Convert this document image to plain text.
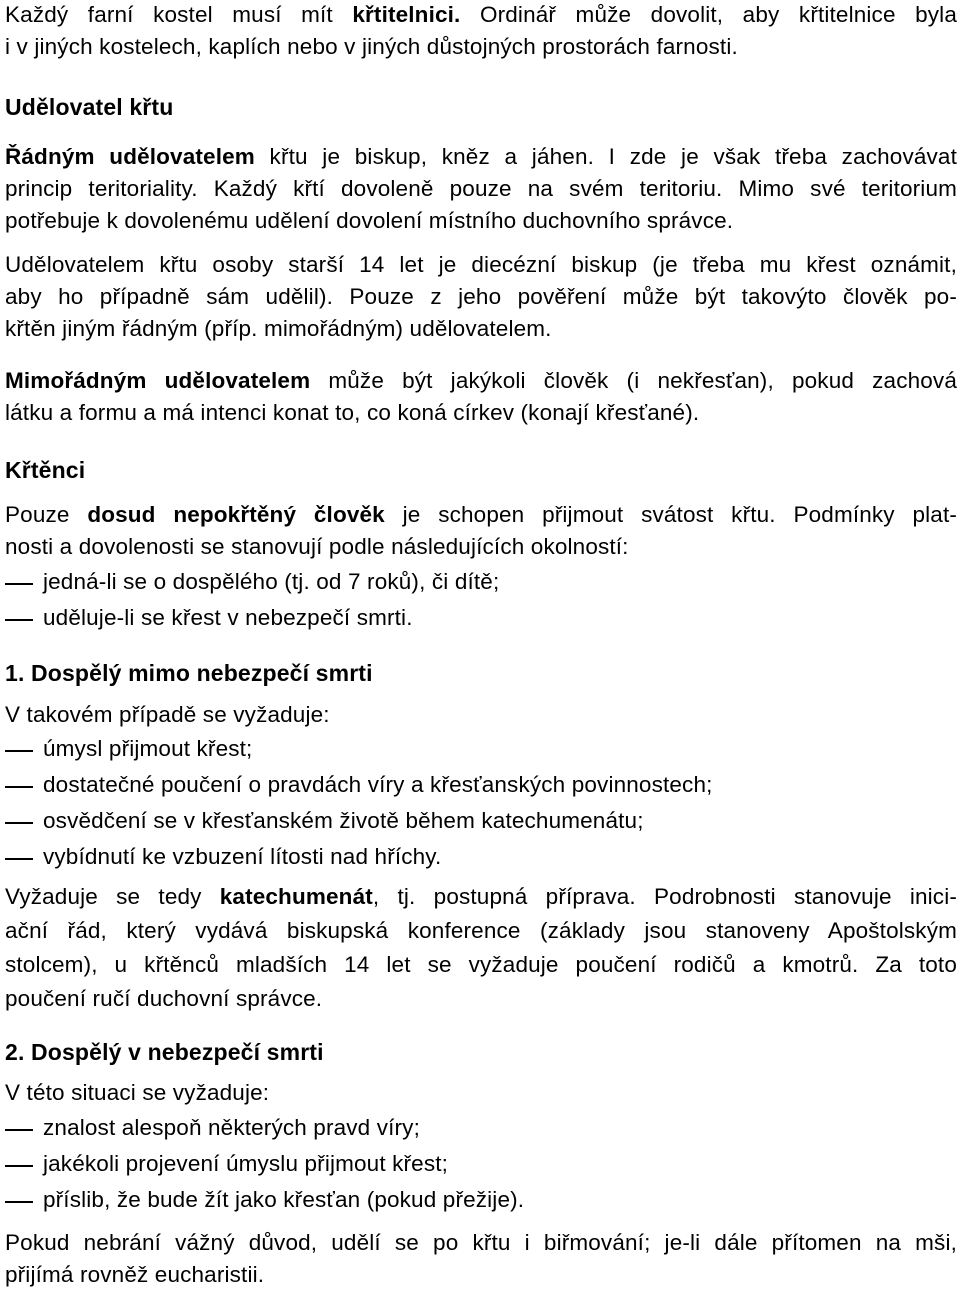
Každý farní kostel musí mít křtitelnici. Ordinář může dovolit, aby křtitelnice byla
i v jiných kostelech, kaplích nebo v jiných důstojných prostorách farnosti.
Udělovatel křtu
Řádným udělovatelem křtu je biskup, kněz a jáhen. I zde je však třeba zachovávat
princip teritoriality. Každý křtí dovoleně pouze na svém teritoriu. Mimo své teritorium
potřebuje k dovolenému udělení dovolení místního duchovního správce.
Udělovatelem křtu osoby starší 14 let je diecézní biskup (je třeba mu křest oznámit,
aby ho případně sám udělil). Pouze z jeho pověření může být takovýto člověk po-
křtěn jiným řádným (příp. mimořádným) udělovatelem.
Mimořádným udělovatelem může být jakýkoli člověk (i nekřesťan), pokud zachová
látku a formu a má intenci konat to, co koná církev (konají křesťané).
Křtěnci
Pouze dosud nepokřtěný člověk je schopen přijmout svátost křtu. Podmínky plat-
nosti a dovolenosti se stanovují podle následujících okolností:
jedná-li se o dospělého (tj. od 7 roků), či dítě;
uděluje-li se křest v nebezpečí smrti.
1. Dospělý mimo nebezpečí smrti
V takovém případě se vyžaduje:
úmysl přijmout křest;
dostatečné poučení o pravdách víry a křesťanských povinnostech;
osvědčení se v křesťanském životě během katechumenátu;
vybídnutí ke vzbuzení lítosti nad hříchy.
Vyžaduje se tedy katechumenát, tj. postupná příprava. Podrobnosti stanovuje inici-
ační řád, který vydává biskupská konference (základy jsou stanoveny Apoštolským
stolcem), u křtěnců mladších 14 let se vyžaduje poučení rodičů a kmotrů. Za toto
poučení ručí duchovní správce.
2. Dospělý v nebezpečí smrti
V této situaci se vyžaduje:
znalost alespoň některých pravd víry;
jakékoli projevení úmyslu přijmout křest;
příslib, že bude žít jako křesťan (pokud přežije).
Pokud nebrání vážný důvod, udělí se po křtu i biřmování; je-li dále přítomen na mši,
přijímá rovněž eucharistii.
